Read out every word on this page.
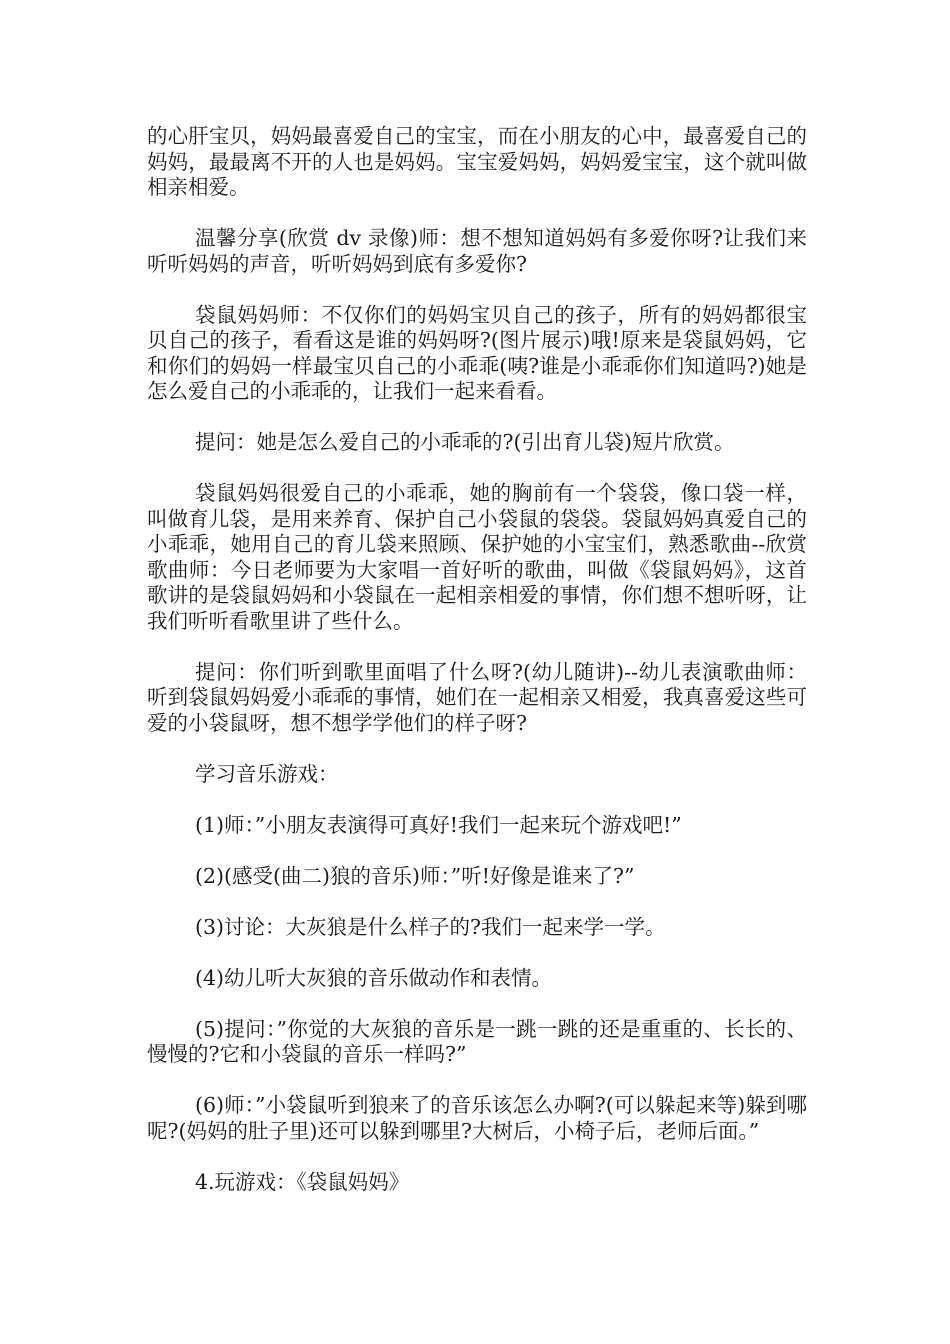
的心肝宝贝，妈妈最喜爱自己的宝宝，而在小朋友的心中，最喜爱自己的妈妈，最最离不开的人也是妈妈。宝宝爱妈妈，妈妈爱宝宝，这个就叫做相亲相爱。

温馨分享(欣赏 dv 录像)师：想不想知道妈妈有多爱你呀?让我们来听听妈妈的声音，听听妈妈到底有多爱你?

袋鼠妈妈师：不仅你们的妈妈宝贝自己的孩子，所有的妈妈都很宝贝自己的孩子，看看这是谁的妈妈呀?(图片展示)哦!原来是袋鼠妈妈，它和你们的妈妈一样最宝贝自己的小乖乖(咦?谁是小乖乖你们知道吗?)她是怎么爱自己的小乖乖的，让我们一起来看看。

提问：她是怎么爱自己的小乖乖的?(引出育儿袋)短片欣赏。

袋鼠妈妈很爱自己的小乖乖，她的胸前有一个袋袋，像口袋一样，叫做育儿袋，是用来养育、保护自己小袋鼠的袋袋。袋鼠妈妈真爱自己的小乖乖，她用自己的育儿袋来照顾、保护她的小宝宝们，熟悉歌曲--欣赏歌曲师：今日老师要为大家唱一首好听的歌曲，叫做《袋鼠妈妈》，这首歌讲的是袋鼠妈妈和小袋鼠在一起相亲相爱的事情，你们想不想听呀，让我们听听看歌里讲了些什么。

提问：你们听到歌里面唱了什么呀?(幼儿随讲)--幼儿表演歌曲师：听到袋鼠妈妈爱小乖乖的事情，她们在一起相亲又相爱，我真喜爱这些可爱的小袋鼠呀，想不想学学他们的样子呀?

学习音乐游戏：

(1)师：”小朋友表演得可真好!我们一起来玩个游戏吧!”

(2)(感受(曲二)狼的音乐)师：”听!好像是谁来了?”

(3)讨论：大灰狼是什么样子的?我们一起来学一学。

(4)幼儿听大灰狼的音乐做动作和表情。

(5)提问：”你觉的大灰狼的音乐是一跳一跳的还是重重的、长长的、慢慢的?它和小袋鼠的音乐一样吗?”

(6)师：”小袋鼠听到狼来了的音乐该怎么办啊?(可以躲起来等)躲到哪呢?(妈妈的肚子里)还可以躲到哪里?大树后，小椅子后，老师后面。”

4.玩游戏：《袋鼠妈妈》
